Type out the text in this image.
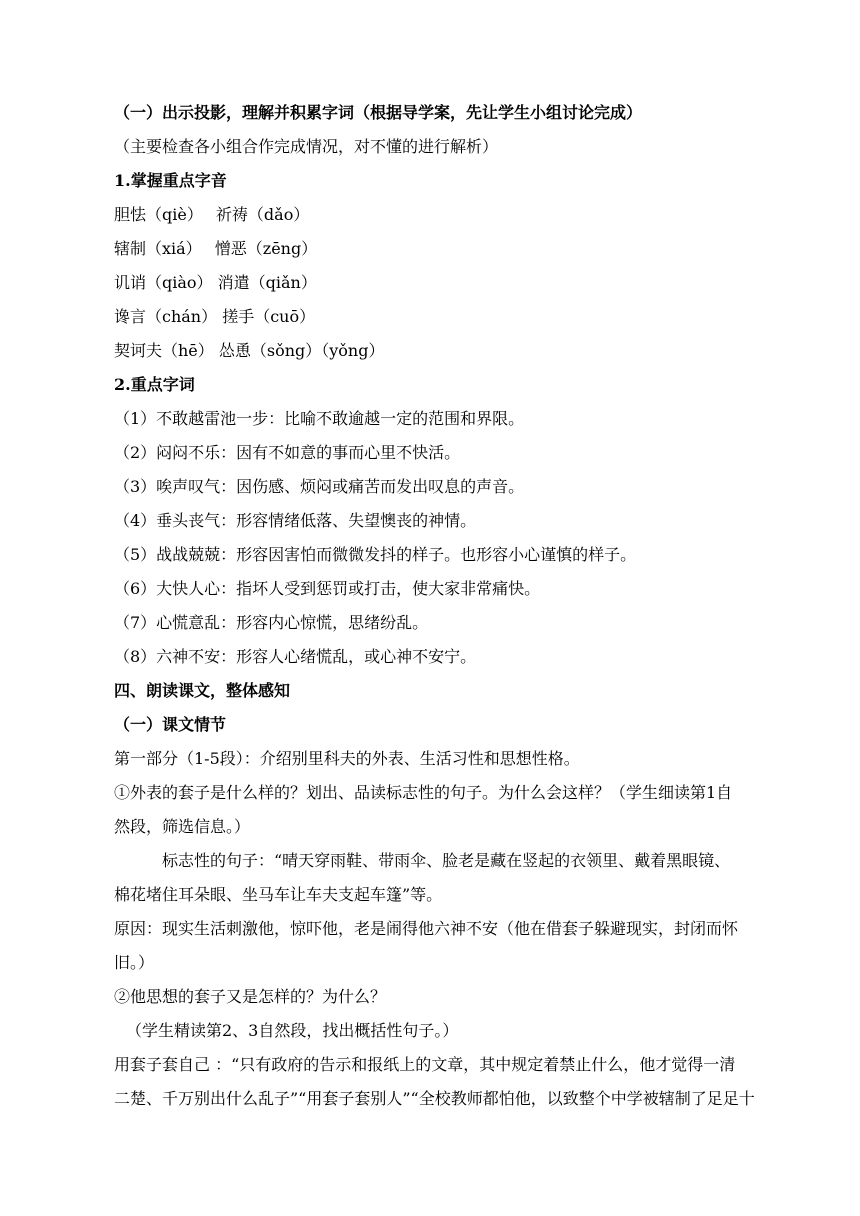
（一）出示投影，理解并积累字词（根据导学案，先让学生小组讨论完成）
（主要检查各小组合作完成情况，对不懂的进行解析）
1.掌握重点字音
胆怯（qiè）　 祈祷（dǎo）
辖制（xiá）　 憎恶（zēng）
讥诮（qiào） 消遣（qiǎn）
谗言（chán） 搓手（cuō）
契诃夫（hē） 怂恿（sǒng）（yǒng）
2.重点字词
（1）不敢越雷池一步：比喻不敢逾越一定的范围和界限。
（2）闷闷不乐：因有不如意的事而心里不快活。
（3）唉声叹气：因伤感、烦闷或痛苦而发出叹息的声音。
（4）垂头丧气：形容情绪低落、失望懊丧的神情。
（5）战战兢兢：形容因害怕而微微发抖的样子。也形容小心谨慎的样子。
（6）大快人心：指坏人受到惩罚或打击，使大家非常痛快。
（7）心慌意乱：形容内心惊慌，思绪纷乱。
（8）六神不安：形容人心绪慌乱，或心神不安宁。
四、朗读课文，整体感知
（一）课文情节
第一部分（1-5段）：介绍别里科夫的外表、生活习性和思想性格。
①外表的套子是什么样的？划出、品读标志性的句子。为什么会这样？（学生细读第1自
然段，筛选信息。）
标志性的句子：“晴天穿雨鞋、带雨伞、脸老是藏在竖起的衣领里、戴着黑眼镜、
棉花堵住耳朵眼、坐马车让车夫支起车篷”等。
原因：现实生活刺激他，惊吓他，老是闹得他六神不安（他在借套子躲避现实，封闭而怀
旧。）
②他思想的套子又是怎样的？为什么？
（学生精读第2、3自然段，找出概括性句子。）
用套子套自己 ：“只有政府的告示和报纸上的文章，其中规定着禁止什么，他才觉得一清
二楚、千万别出什么乱子”“用套子套别人”“全校教师都怕他，以致整个中学被辖制了足足十
